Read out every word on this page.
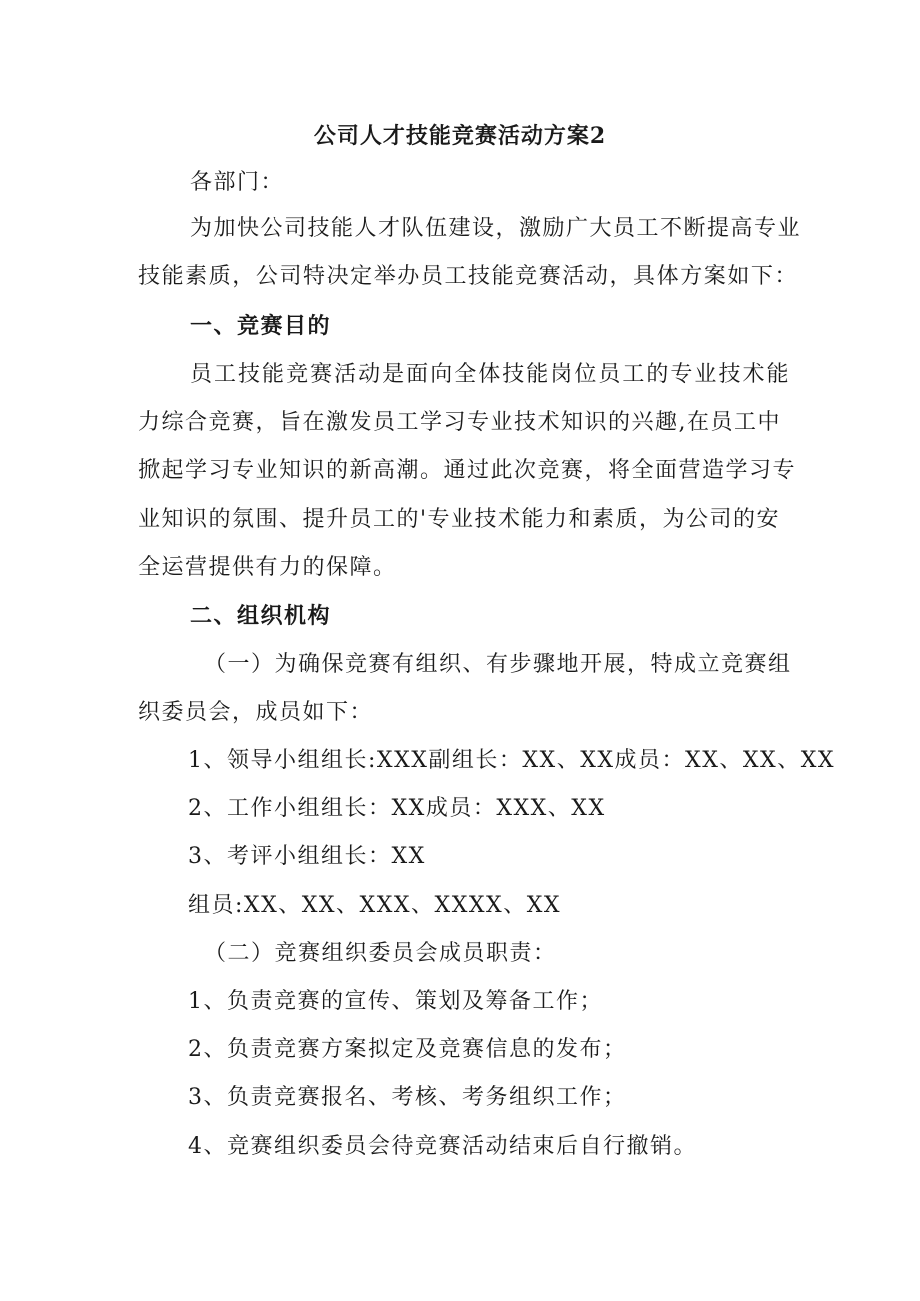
公司人才技能竞赛活动方案2

各部门：

为加快公司技能人才队伍建设，激励广大员工不断提高专业

技能素质，公司特决定举办员工技能竞赛活动，具体方案如下：

一、竞赛目的

员工技能竞赛活动是面向全体技能岗位员工的专业技术能

力综合竞赛，旨在激发员工学习专业技术知识的兴趣,在员工中

掀起学习专业知识的新高潮。通过此次竞赛，将全面营造学习专

业知识的氛围、提升员工的'专业技术能力和素质，为公司的安

全运营提供有力的保障。

二、组织机构

（一）为确保竞赛有组织、有步骤地开展，特成立竞赛组

织委员会，成员如下：

1、领导小组组长:XXX副组长：XX、XX成员：XX、XX、XX

2、工作小组组长：XX成员：XXX、XX

3、考评小组组长：XX

组员:XX、XX、XXX、XXXX、XX

（二）竞赛组织委员会成员职责：

1、负责竞赛的宣传、策划及筹备工作；

2、负责竞赛方案拟定及竞赛信息的发布；

3、负责竞赛报名、考核、考务组织工作；

4、竞赛组织委员会待竞赛活动结束后自行撤销。
